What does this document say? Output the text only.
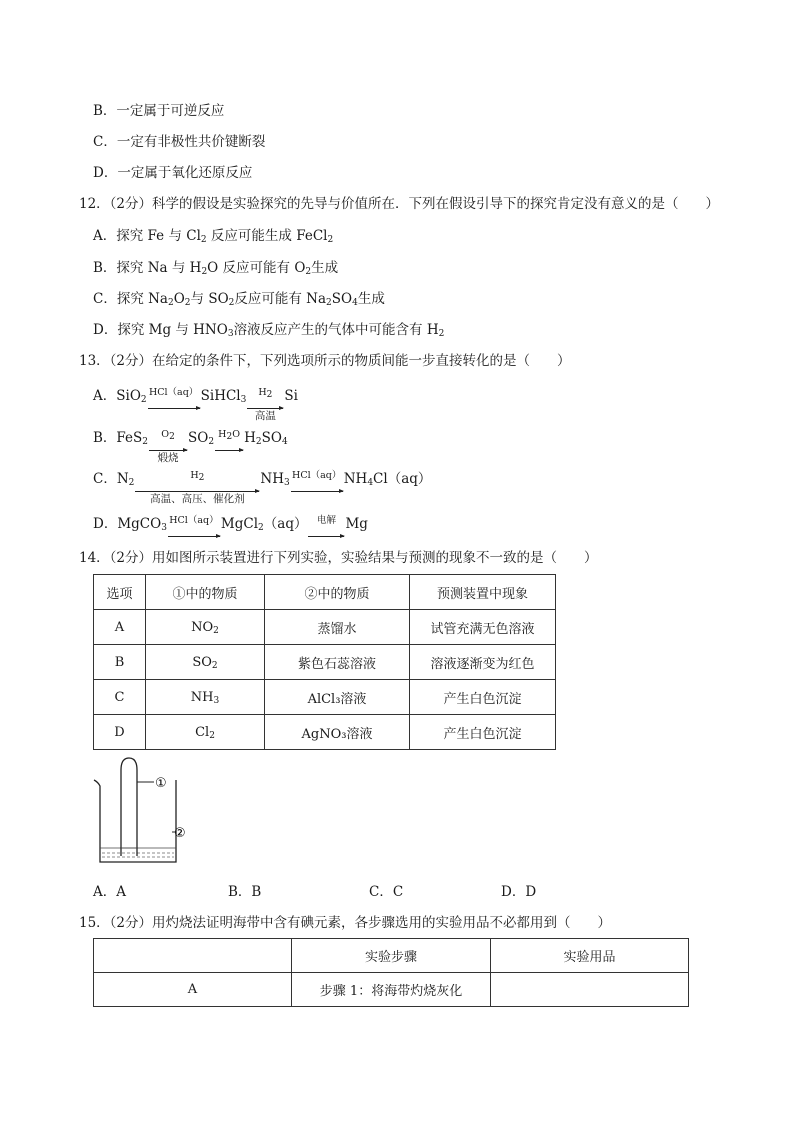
B．一定属于可逆反应
C．一定有非极性共价键断裂
D．一定属于氧化还原反应
12．（2分）科学的假设是实验探究的先导与价值所在．下列在假设引导下的探究肯定没有意义的是（　　）
A．探究 Fe 与 $Cl_2$ 反应可能生成 FeCl$_2$
B．探究 Na 与 $H_2O$ 反应可能有 $O_2$生成
C．探究 $Na_2O_2$与 $SO_2$反应可能有 $Na_2SO_4$生成
D．探究 Mg 与 $HNO_3$溶液反应产生的气体中可能含有 $H_2$
13．（2分）在给定的条件下，下列选项所示的物质间能一步直接转化的是（　　）
A．SiO$_2$
HCl（aq） SiHCl$_3$
$H_2$
高温
Si
B．FeS$_2$
$O_2$
煅烧
$SO_2$
$H_2O$ $H_2SO_4$
C．$N_2$
$H_2$
高温、高压、催化剂
$NH_3$
HCl（aq） $NH_4Cl(aq)$
D．MgCO$_3$
HCl（aq） MgCl$_2$（aq） 电解 Mg
14．（2分）用如图所示装置进行下列实验，实验结果与预测的现象不一致的是（　　）
选项	①中的物质	②中的物质	预测装置中现象
A	$NO_2$	蒸馏水	试管充满无色溶液
B	$SO_2$	紫色石蕊溶液	溶液逐渐变为红色
C	$NH_3$	AlCl₃溶液	产生白色沉淀
D	$Cl_2$	AgNO₃溶液	产生白色沉淀
①
②
A．A	B．B	C．C	D．D
15．（2分）用灼烧法证明海带中含有碘元素，各步骤选用的实验用品不必都用到（　　）
	实验步骤	实验用品
A	步骤 1：将海带灼烧灰化	
